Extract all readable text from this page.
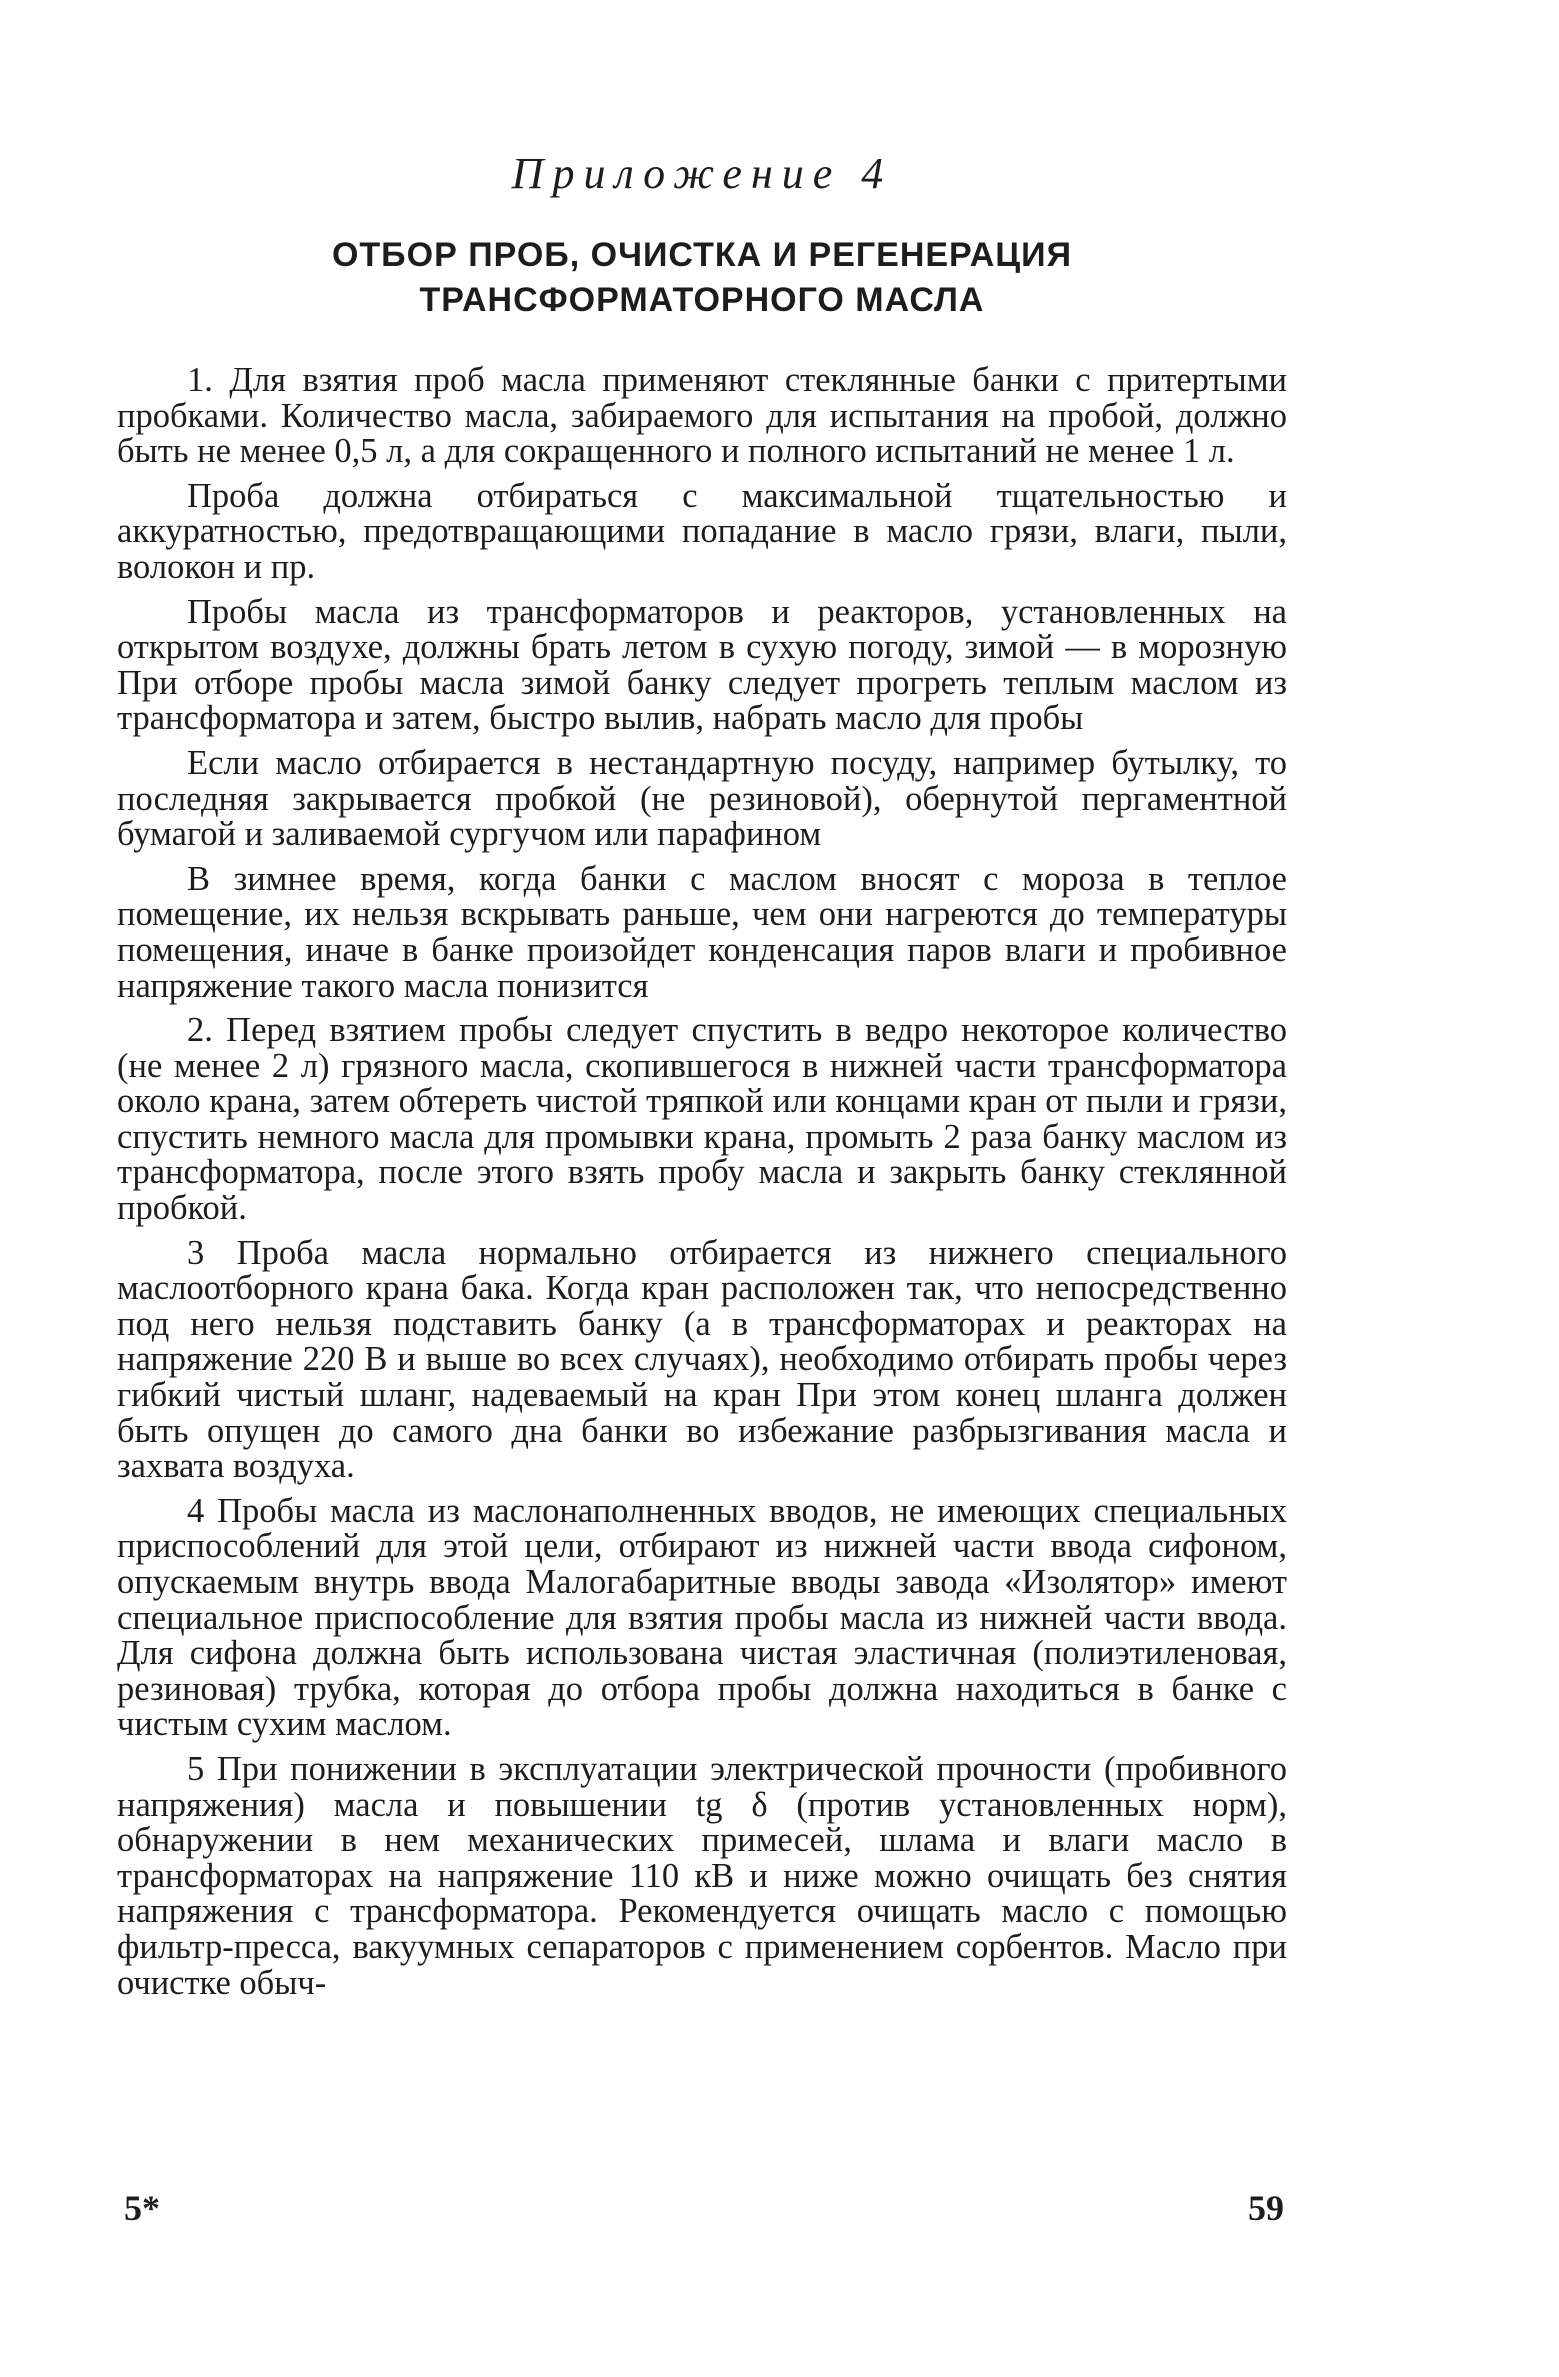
Приложение 4
ОТБОР ПРОБ, ОЧИСТКА И РЕГЕНЕРАЦИЯ
ТРАНСФОРМАТОРНОГО МАСЛА

1. Для взятия проб масла применяют стеклянные банки с притертыми пробками. Количество масла, забираемого для испытания на пробой, должно быть не менее 0,5 л, а для сокращенного и полного испытаний не менее 1 л.

Проба должна отбираться с максимальной тщательностью и аккуратностью, предотвращающими попадание в масло грязи, влаги, пыли, волокон и пр.

Пробы масла из трансформаторов и реакторов, установленных на открытом воздухе, должны брать летом в сухую погоду, зимой — в морозную При отборе пробы масла зимой банку следует прогреть теплым маслом из трансформатора и затем, быстро вылив, набрать масло для пробы

Если масло отбирается в нестандартную посуду, например бутылку, то последняя закрывается пробкой (не резиновой), обернутой пергаментной бумагой и заливаемой сургучом или парафином

В зимнее время, когда банки с маслом вносят с мороза в теплое помещение, их нельзя вскрывать раньше, чем они нагреются до температуры помещения, иначе в банке произойдет конденсация паров влаги и пробивное напряжение такого масла понизится

2. Перед взятием пробы следует спустить в ведро некоторое количество (не менее 2 л) грязного масла, скопившегося в нижней части трансформатора около крана, затем обтереть чистой тряпкой или концами кран от пыли и грязи, спустить немного масла для промывки крана, промыть 2 раза банку маслом из трансформатора, после этого взять пробу масла и закрыть банку стеклянной пробкой.

3 Проба масла нормально отбирается из нижнего специального маслоотборного крана бака. Когда кран расположен так, что непосредственно под него нельзя подставить банку (а в трансформаторах и реакторах на напряжение 220 В и выше во всех случаях), необходимо отбирать пробы через гибкий чистый шланг, надеваемый на кран При этом конец шланга должен быть опущен до самого дна банки во избежание разбрызгивания масла и захвата воздуха.

4 Пробы масла из маслонаполненных вводов, не имеющих специальных приспособлений для этой цели, отбирают из нижней части ввода сифоном, опускаемым внутрь ввода Малогабаритные вводы завода «Изолятор» имеют специальное приспособление для взятия пробы масла из нижней части ввода. Для сифона должна быть использована чистая эластичная (полиэтиленовая, резиновая) трубка, которая до отбора пробы должна находиться в банке с чистым сухим маслом.

5 При понижении в эксплуатации электрической прочности (пробивного напряжения) масла и повышении tg δ (против установленных норм), обнаружении в нем механических примесей, шлама и влаги масло в трансформаторах на напряжение 110 кВ и ниже можно очищать без снятия напряжения с трансформатора. Рекомендуется очищать масло с помощью фильтр-пресса, вакуумных сепараторов с применением сорбентов. Масло при очистке обыч-

5*	59
